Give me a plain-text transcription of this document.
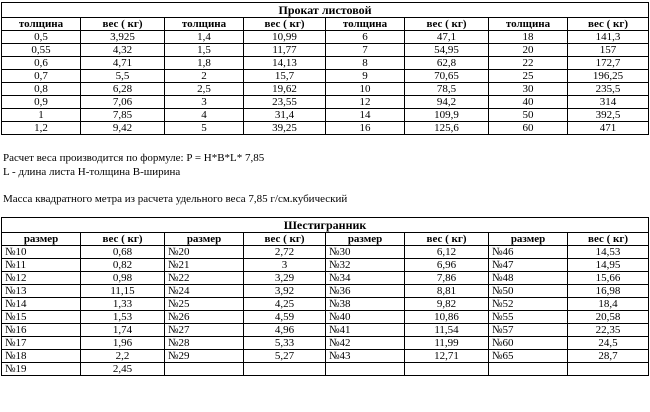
Прокат листовой							
толщина	вес ( кг)	толщина	вес ( кг)	толщина	вес ( кг)	толщина	вес ( кг)
0,5	3,925	1,4	10,99	6	47,1	18	141,3
0,55	4,32	1,5	11,77	7	54,95	20	157
0,6	4,71	1,8	14,13	8	62,8	22	172,7
0,7	5,5	2	15,7	9	70,65	25	196,25
0,8	6,28	2,5	19,62	10	78,5	30	235,5
0,9	7,06	3	23,55	12	94,2	40	314
1	7,85	4	31,4	14	109,9	50	392,5
1,2	9,42	5	39,25	16	125,6	60	471
Расчет веса производится по формуле: P = H*B*L* 7,85
L - длина листа H-толщина B-ширина
Масса квадратного метра из расчета удельного веса 7,85 г/см.кубический
Шестигранник							
размер	вес ( кг)	размер	вес ( кг)	размер	вес ( кг)	размер	вес ( кг)
№10	0,68	№20	2,72	№30	6,12	№46	14,53
№11	0,82	№21	3	№32	6,96	№47	14,95
№12	0,98	№22	3,29	№34	7,86	№48	15,66
№13	11,15	№24	3,92	№36	8,81	№50	16,98
№14	1,33	№25	4,25	№38	9,82	№52	18,4
№15	1,53	№26	4,59	№40	10,86	№55	20,58
№16	1,74	№27	4,96	№41	11,54	№57	22,35
№17	1,96	№28	5,33	№42	11,99	№60	24,5
№18	2,2	№29	5,27	№43	12,71	№65	28,7
№19	2,45						
